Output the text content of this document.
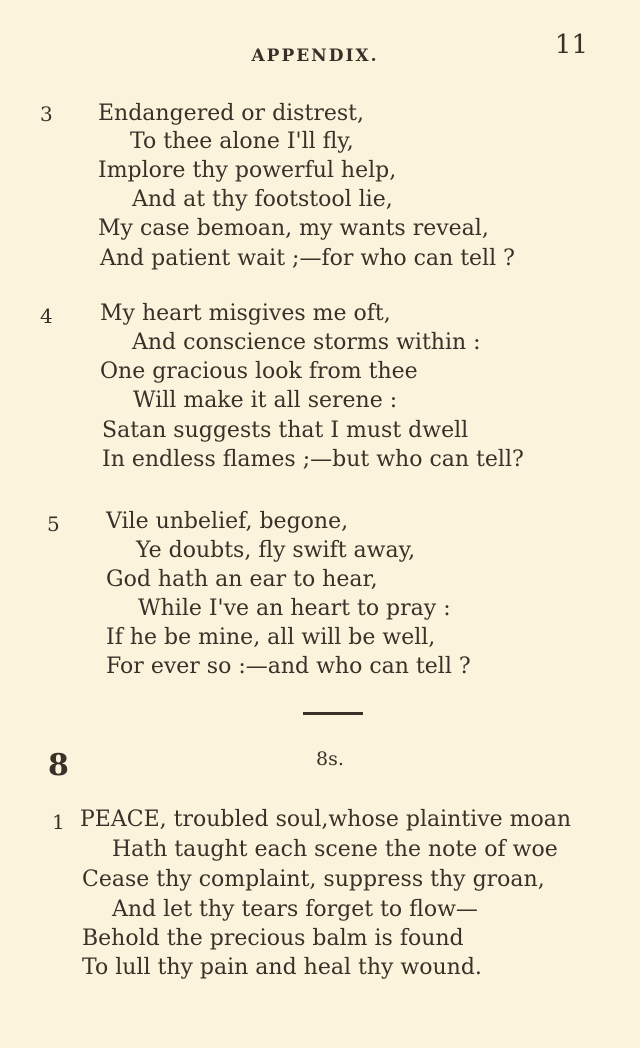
APPENDIX.	11
3 Endangered or distrest,
To thee alone I'll fly,
Implore thy powerful help,
And at thy footstool lie,
My case bemoan, my wants reveal,
And patient wait ;—for who can tell ?
4 My heart misgives me oft,
And conscience storms within :
One gracious look from thee
Will make it all serene :
Satan suggests that I must dwell
In endless flames ;—but who can tell?
5 Vile unbelief, begone,
Ye doubts, fly swift away,
God hath an ear to hear,
While I've an heart to pray :
If he be mine, all will be well,
For ever so :—and who can tell ?
8	8s.
1 PEACE, troubled soul,whose plaintive moan
Hath taught each scene the note of woe
Cease thy complaint, suppress thy groan,
And let thy tears forget to flow—
Behold the precious balm is found
To lull thy pain and heal thy wound.
